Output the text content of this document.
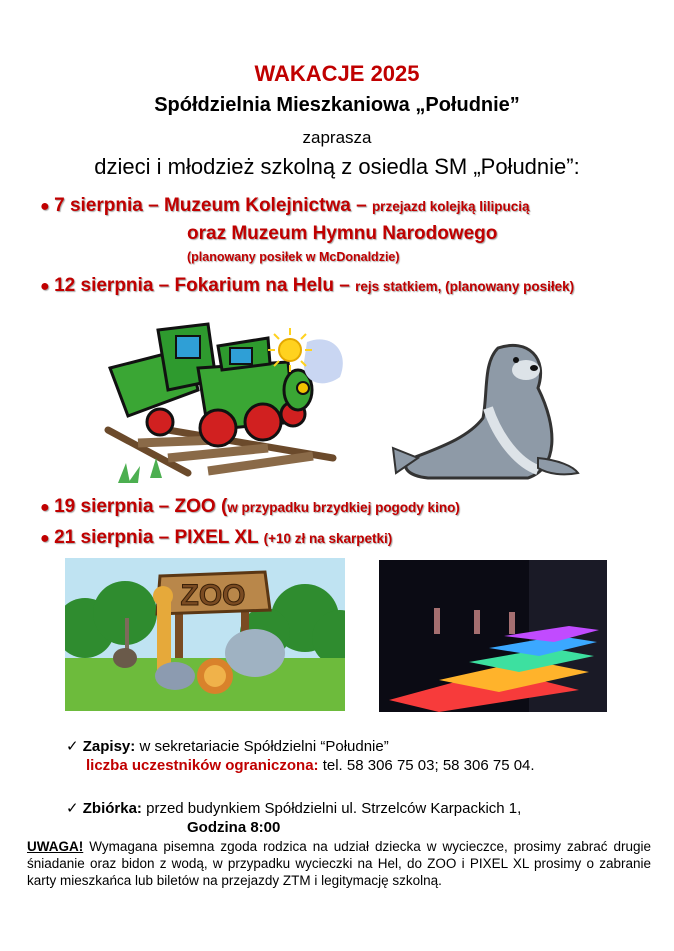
WAKACJE 2025
Spółdzielnia Mieszkaniowa „Południe”
zaprasza
dzieci i młodzież szkolną z osiedla SM „Południe”:
● 7 sierpnia – Muzeum Kolejnictwa – przejazd kolejką lilipucią
oraz Muzeum Hymnu Narodowego
(planowany posiłek w McDonaldzie)
● 12 sierpnia – Fokarium na Helu – rejs statkiem, (planowany posiłek)
● 19 sierpnia – ZOO (w przypadku brzydkiej pogody kino)
● 21 sierpnia – PIXEL XL (+10 zł na skarpetki)
ZOO
✓ Zapisy: w sekretariacie Spółdzielni “Południe”
liczba uczestników ograniczona: tel. 58 306 75 03; 58 306 75 04.
✓ Zbiórka: przed budynkiem Spółdzielni ul. Strzelców Karpackich 1,
Godzina 8:00
UWAGA! Wymagana pisemna zgoda rodzica na udział dziecka w wycieczce, prosimy zabrać drugie śniadanie oraz bidon z wodą, w przypadku wycieczki na Hel, do ZOO i PIXEL XL prosimy o zabranie karty mieszkańca lub biletów na przejazdy ZTM i legitymację szkolną.
